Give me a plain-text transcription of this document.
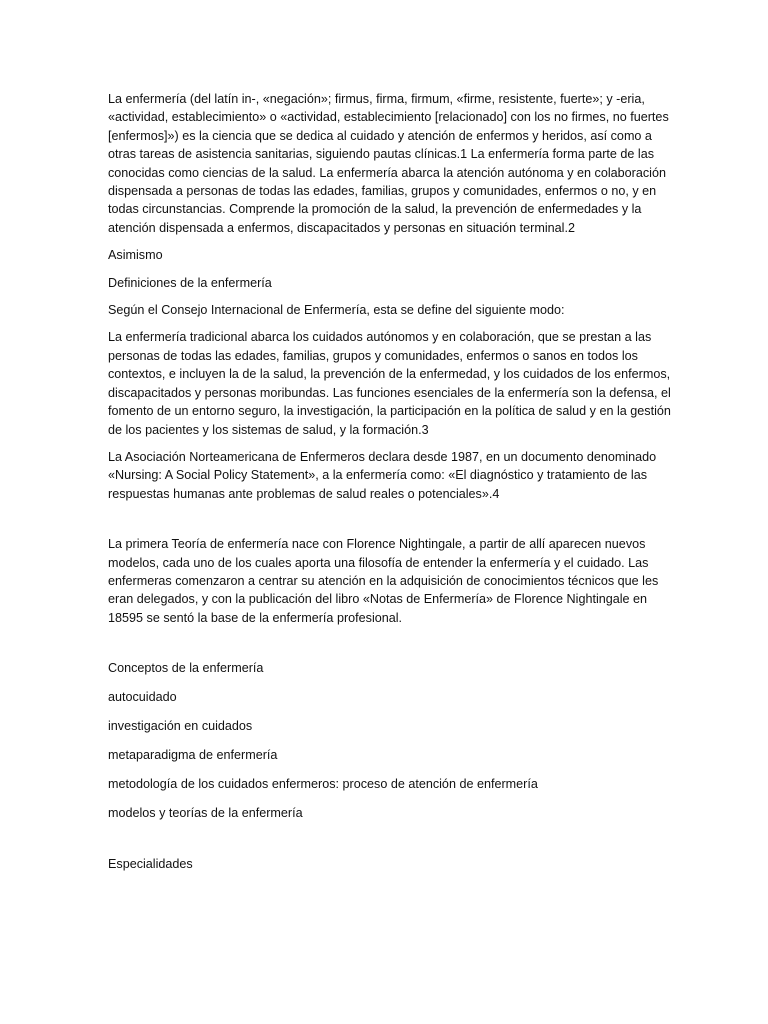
La enfermería (del latín in-, «negación»; firmus, firma, firmum, «firme, resistente, fuerte»; y -eria, «actividad, establecimiento» o «actividad, establecimiento [relacionado] con los no firmes, no fuertes [enfermos]») es la ciencia que se dedica al cuidado y atención de enfermos y heridos, así como a otras tareas de asistencia sanitarias, siguiendo pautas clínicas.1 La enfermería forma parte de las conocidas como ciencias de la salud. La enfermería abarca la atención autónoma y en colaboración dispensada a personas de todas las edades, familias, grupos y comunidades, enfermos o no, y en todas circunstancias. Comprende la promoción de la salud, la prevención de enfermedades y la atención dispensada a enfermos, discapacitados y personas en situación terminal.2

Asimismo

Definiciones de la enfermería

Según el Consejo Internacional de Enfermería, esta se define del siguiente modo:

La enfermería tradicional abarca los cuidados autónomos y en colaboración, que se prestan a las personas de todas las edades, familias, grupos y comunidades, enfermos o sanos en todos los contextos, e incluyen la de la salud, la prevención de la enfermedad, y los cuidados de los enfermos, discapacitados y personas moribundas. Las funciones esenciales de la enfermería son la defensa, el fomento de un entorno seguro, la investigación, la participación en la política de salud y en la gestión de los pacientes y los sistemas de salud, y la formación.3

La Asociación Norteamericana de Enfermeros declara desde 1987, en un documento denominado «Nursing: A Social Policy Statement», a la enfermería como: «El diagnóstico y tratamiento de las respuestas humanas ante problemas de salud reales o potenciales».4

La primera Teoría de enfermería nace con Florence Nightingale, a partir de allí aparecen nuevos modelos, cada uno de los cuales aporta una filosofía de entender la enfermería y el cuidado. Las enfermeras comenzaron a centrar su atención en la adquisición de conocimientos técnicos que les eran delegados, y con la publicación del libro «Notas de Enfermería» de Florence Nightingale en 18595 se sentó la base de la enfermería profesional.

Conceptos de la enfermería

autocuidado

investigación en cuidados

metaparadigma de enfermería

metodología de los cuidados enfermeros: proceso de atención de enfermería

modelos y teorías de la enfermería

Especialidades
